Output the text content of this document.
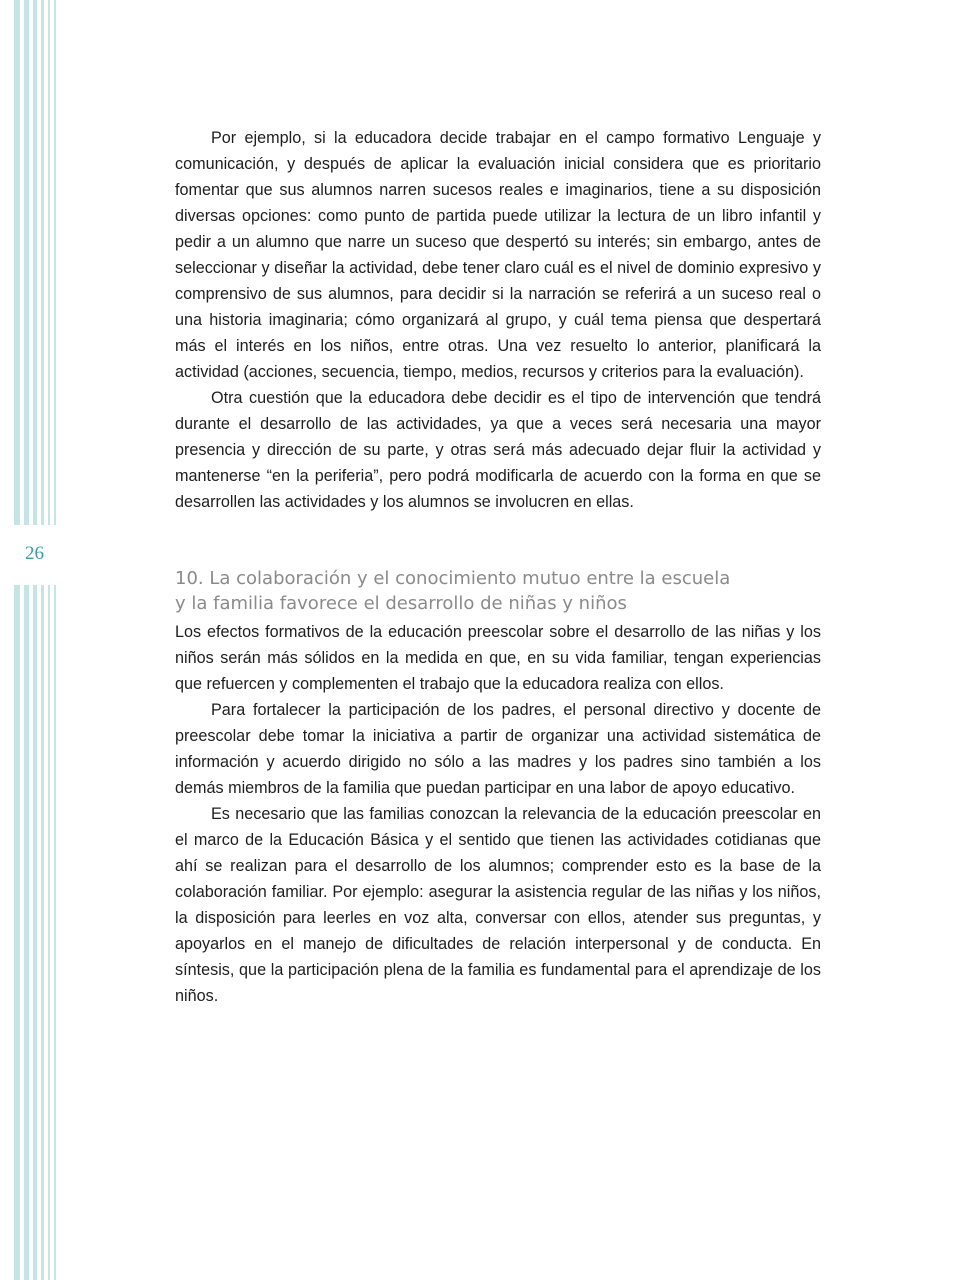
26

Por ejemplo, si la educadora decide trabajar en el campo formativo Lenguaje y comunicación, y después de aplicar la evaluación inicial considera que es prioritario fomentar que sus alumnos narren sucesos reales e imaginarios, tiene a su disposición diversas opciones: como punto de partida puede utilizar la lectura de un libro infantil y pedir a un alumno que narre un suceso que despertó su interés; sin embargo, antes de seleccionar y diseñar la actividad, debe tener claro cuál es el nivel de dominio expresivo y comprensivo de sus alumnos, para decidir si la narración se referirá a un suceso real o una historia imaginaria; cómo organizará al grupo, y cuál tema piensa que despertará más el interés en los niños, entre otras. Una vez resuelto lo anterior, planificará la actividad (acciones, secuencia, tiempo, medios, recursos y criterios para la evaluación).

Otra cuestión que la educadora debe decidir es el tipo de intervención que tendrá durante el desarrollo de las actividades, ya que a veces será necesaria una mayor presencia y dirección de su parte, y otras será más adecuado dejar fluir la actividad y mantenerse “en la periferia”, pero podrá modificarla de acuerdo con la forma en que se desarrollen las actividades y los alumnos se involucren en ellas.

10. La colaboración y el conocimiento mutuo entre la escuela
y la familia favorece el desarrollo de niñas y niños

Los efectos formativos de la educación preescolar sobre el desarrollo de las niñas y los niños serán más sólidos en la medida en que, en su vida familiar, tengan experiencias que refuercen y complementen el trabajo que la educadora realiza con ellos.

Para fortalecer la participación de los padres, el personal directivo y docente de preescolar debe tomar la iniciativa a partir de organizar una actividad sistemática de información y acuerdo dirigido no sólo a las madres y los padres sino también a los demás miembros de la familia que puedan participar en una labor de apoyo educativo.

Es necesario que las familias conozcan la relevancia de la educación preescolar en el marco de la Educación Básica y el sentido que tienen las actividades cotidianas que ahí se realizan para el desarrollo de los alumnos; comprender esto es la base de la colaboración familiar. Por ejemplo: asegurar la asistencia regular de las niñas y los niños, la disposición para leerles en voz alta, conversar con ellos, atender sus preguntas, y apoyarlos en el manejo de dificultades de relación interpersonal y de conducta. En síntesis, que la participación plena de la familia es fundamental para el aprendizaje de los niños.
